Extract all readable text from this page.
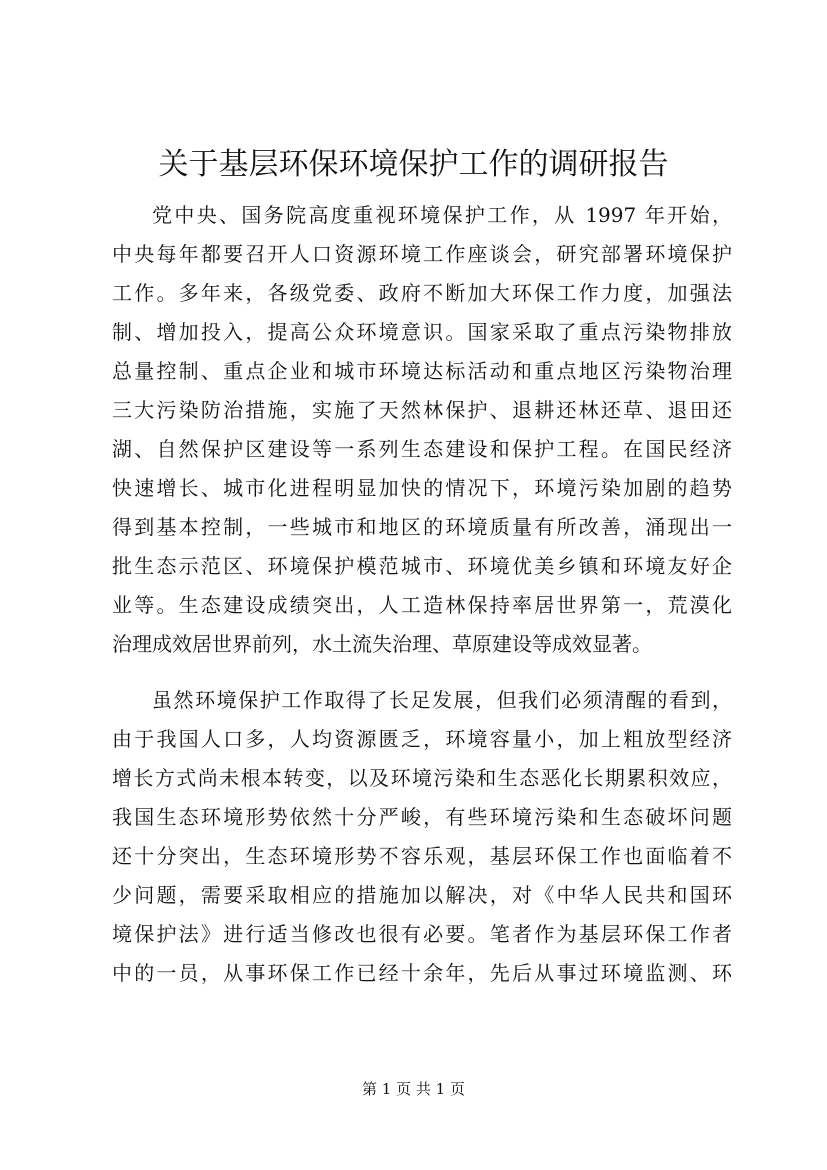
关于基层环保环境保护工作的调研报告
党中央、国务院高度重视环境保护工作，从 1997 年开始，
中央每年都要召开人口资源环境工作座谈会，研究部署环境保护
工作。多年来，各级党委、政府不断加大环保工作力度，加强法
制、增加投入，提高公众环境意识。国家采取了重点污染物排放
总量控制、重点企业和城市环境达标活动和重点地区污染物治理
三大污染防治措施，实施了天然林保护、退耕还林还草、退田还
湖、自然保护区建设等一系列生态建设和保护工程。在国民经济
快速增长、城市化进程明显加快的情况下，环境污染加剧的趋势
得到基本控制，一些城市和地区的环境质量有所改善，涌现出一
批生态示范区、环境保护模范城市、环境优美乡镇和环境友好企
业等。生态建设成绩突出，人工造林保持率居世界第一，荒漠化
治理成效居世界前列，水土流失治理、草原建设等成效显著。
虽然环境保护工作取得了长足发展，但我们必须清醒的看到，
由于我国人口多，人均资源匮乏，环境容量小，加上粗放型经济
增长方式尚未根本转变，以及环境污染和生态恶化长期累积效应，
我国生态环境形势依然十分严峻，有些环境污染和生态破坏问题
还十分突出，生态环境形势不容乐观，基层环保工作也面临着不
少问题，需要采取相应的措施加以解决，对《中华人民共和国环
境保护法》进行适当修改也很有必要。笔者作为基层环保工作者
中的一员，从事环保工作已经十余年，先后从事过环境监测、环
第 1 页 共 1 页
